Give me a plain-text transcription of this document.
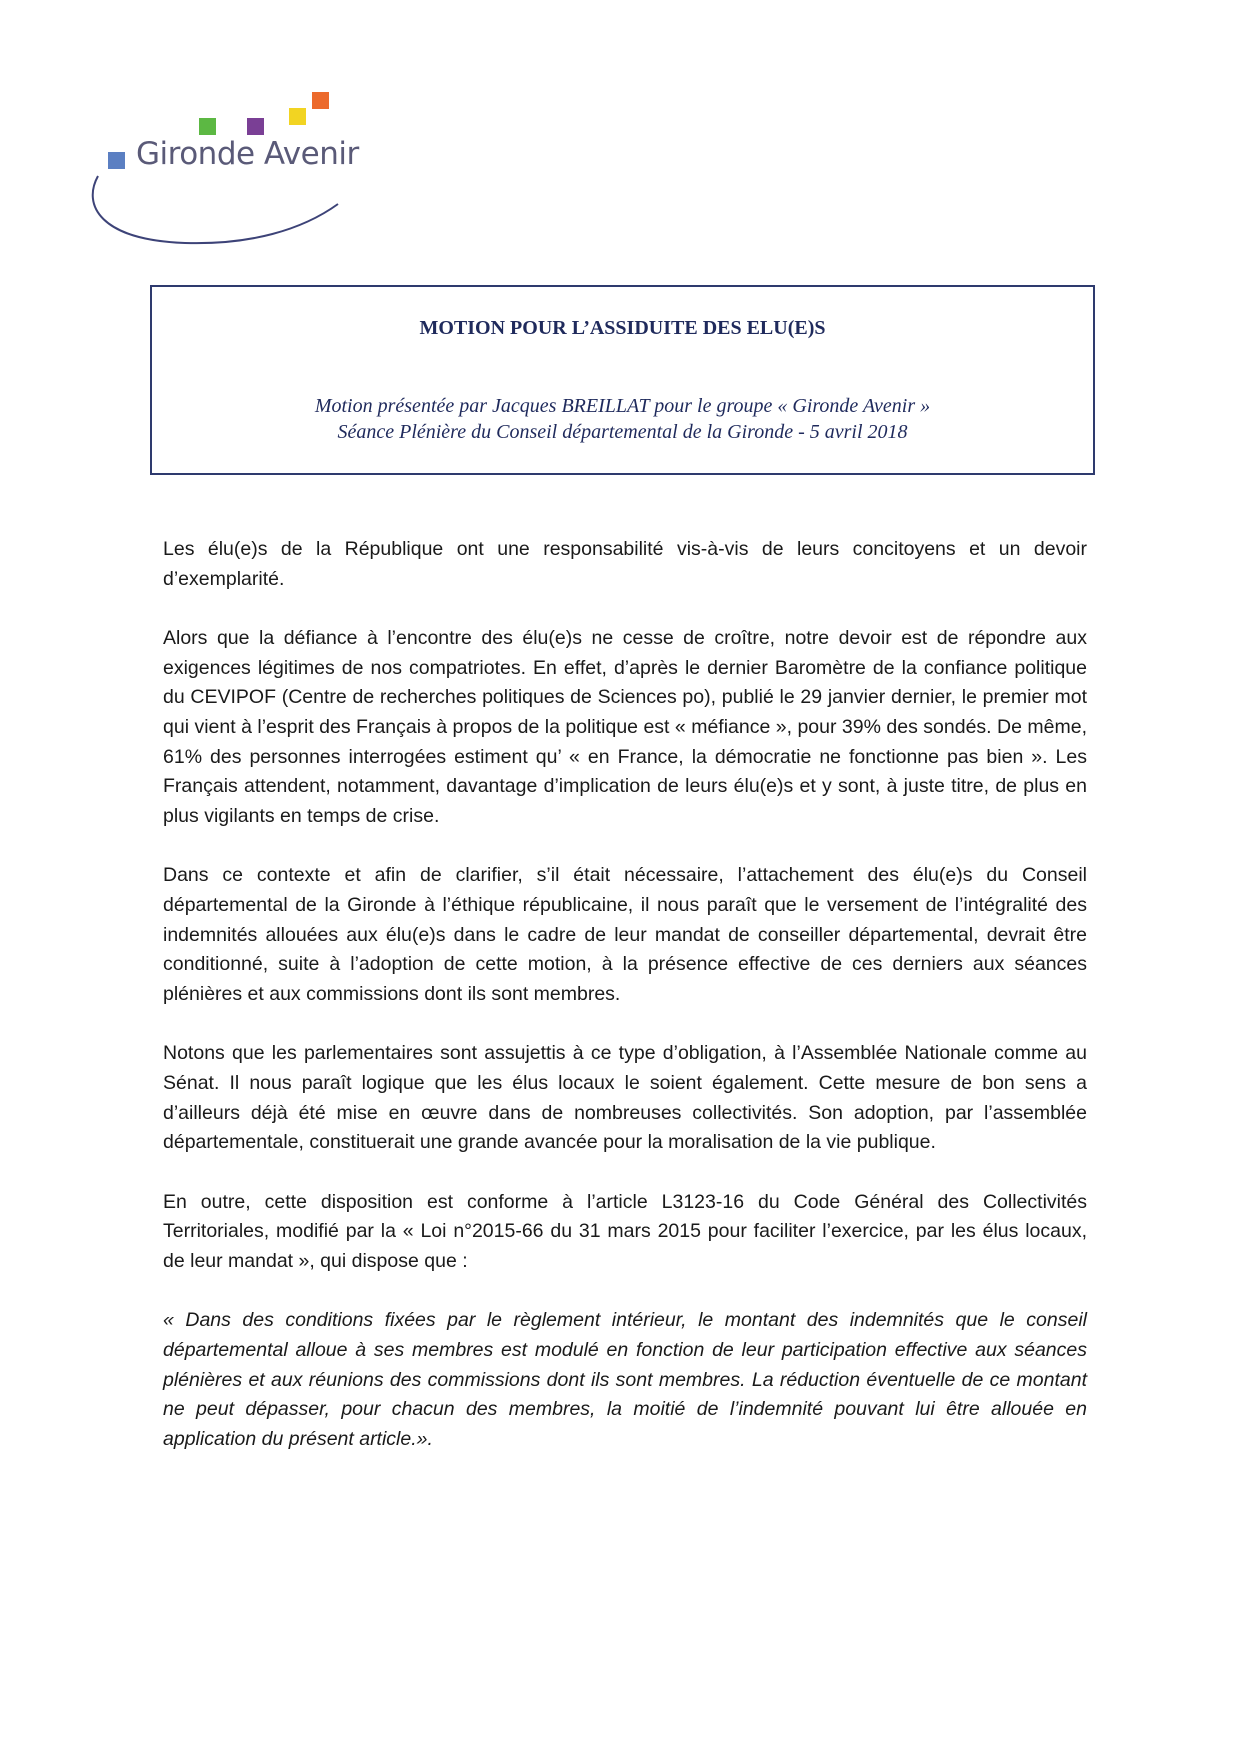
Gironde Avenir
MOTION POUR L’ASSIDUITE DES ELU(E)S
Motion présentée par Jacques BREILLAT pour le groupe « Gironde Avenir »
Séance Plénière du Conseil départemental de la Gironde - 5 avril 2018

Les élu(e)s de la République ont une responsabilité vis-à-vis de leurs concitoyens et un devoir d’exemplarité.

Alors que la défiance à l’encontre des élu(e)s ne cesse de croître, notre devoir est de répondre aux exigences légitimes de nos compatriotes. En effet, d’après le dernier Baromètre de la confiance politique du CEVIPOF (Centre de recherches politiques de Sciences po), publié le 29 janvier dernier, le premier mot qui vient à l’esprit des Français à propos de la politique est « méfiance », pour 39% des sondés. De même, 61% des personnes interrogées estiment qu’ « en France, la démocratie ne fonctionne pas bien ». Les Français attendent, notamment, davantage d’implication de leurs élu(e)s et y sont, à juste titre, de plus en plus vigilants en temps de crise.

Dans ce contexte et afin de clarifier, s’il était nécessaire, l’attachement des élu(e)s du Conseil départemental de la Gironde à l’éthique républicaine, il nous paraît que le versement de l’intégralité des indemnités allouées aux élu(e)s dans le cadre de leur mandat de conseiller départemental, devrait être conditionné, suite à l’adoption de cette motion, à la présence effective de ces derniers aux séances plénières et aux commissions dont ils sont membres.

Notons que les parlementaires sont assujettis à ce type d’obligation, à l’Assemblée Nationale comme au Sénat. Il nous paraît logique que les élus locaux le soient également. Cette mesure de bon sens a d’ailleurs déjà été mise en œuvre dans de nombreuses collectivités. Son adoption, par l’assemblée départementale, constituerait une grande avancée pour la moralisation de la vie publique.

En outre, cette disposition est conforme à l’article L3123-16 du Code Général des Collectivités Territoriales, modifié par la « Loi n°2015-66 du 31 mars 2015 pour faciliter l’exercice, par les élus locaux, de leur mandat », qui dispose que :

« Dans des conditions fixées par le règlement intérieur, le montant des indemnités que le conseil départemental alloue à ses membres est modulé en fonction de leur participation effective aux séances plénières et aux réunions des commissions dont ils sont membres. La réduction éventuelle de ce montant ne peut dépasser, pour chacun des membres, la moitié de l’indemnité pouvant lui être allouée en application du présent article.».
